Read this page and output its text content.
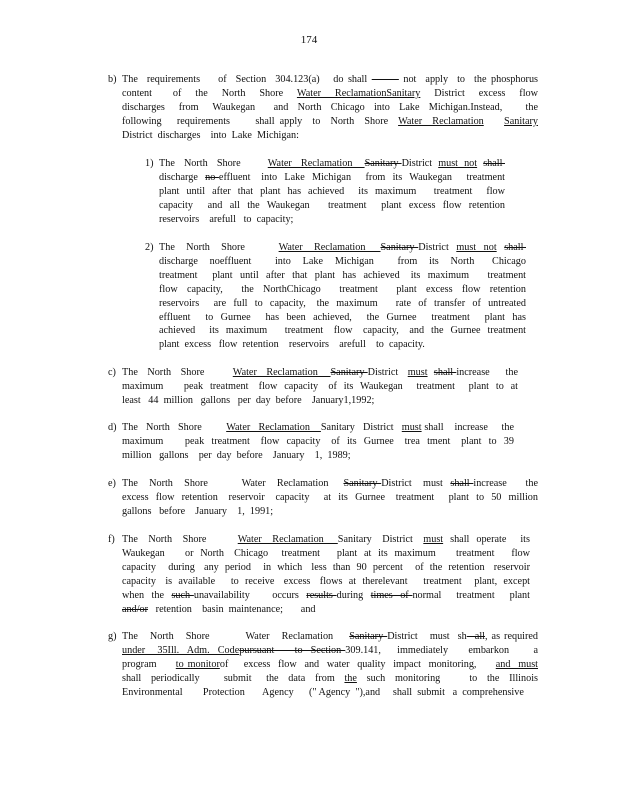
174
b) The  requirements    of  Section  304.123(a)   do shall	not  apply  to  the phosphorus
content   of  the  North  Shore  Water  ReclamationSanitary  District  excess  flow
discharges   from   Waukegan    and  North  Chicago  into  Lake  Michigan.Instead,     the
following   requirements     shall apply  to  North  Shore  Water  Reclamation Sanitary
District  discharges    into  Lake  Michigan:
1) The   North   Shore         Water   Reclamation    Sanitary District  must  not shall
discharge  no effluent   into  Lake  Michigan    from  its  Waukegan    treatment
plant  until  after  that  plant  has  achieved    its  maximum     treatment    flow
capacity    and  all  the  Waukegan     treatment    plant  excess  flow  retention
reservoirs    arefull   to  capacity;
2) The   North   Shore         Water   Reclamation    Sanitary District  must  not shall
discharge  noeffluent    into  Lake  Michigan    from  its  North   Chicago
treatment    plant  until  after  that  plant  has  achieved   its  maximum     treatment
flow  capacity,    the  NorthChicago    treatment    plant  excess  flow  retention
reservoirs    are  full  to  capacity,   the  maximum     rate  of  transfer  of  untreated
effluent    to  Gurnee    has  been  achieved,    the  Gurnee    treatment    plant  has
achieved    its  maximum     treatment   flow   capacity,   and  the  Gurnee  treatment
plant  excess   flow  retention    reservoirs    arefull    to  capacity.
c) The   North   Shore         Water   Reclamation    Sanitary District   must shall increase     the
maximum      peak  treatment   flow  capacity   of  its  Waukegan    treatment    plant  to  at
least   44  million   gallons   per  day  before    January1,1992;
d) The   North   Shore         Water   Reclamation    Sanitary   District   must shall    increase     the
maximum      peak  treatment   flow  capacity   of  its  Gurnee   trea  tment   plant  to  39
million   gallons    per  day  before    January    1,  1989;
e) The   North   Shore         Water   Reclamation    Sanitary District   must  shall increase     the
excess  flow  retention   reservoir   capacity    at  its  Gurnee   treatment    plant  to  50  million
gallons   before    January    1,  1991;
f) The   North   Shore         Water   Reclamation    Sanitary   District   must  shall  operate    its
Waukegan      or  North   Chicago    treatment     plant  at  its  maximum      treatment     flow
capacity    during   any  period    in  which   less  than  90  percent    of  the  retention   reservoir
capacity   is  available     to  receive   excess   flows  at  therelevant     treatment    plant,  except
when  the  such unavailability      occurs  results during  times  of normal    treatment    plant
and/or   retention    basin  maintenance;       and
g) The   North   Shore         Water   Reclamation    Sanitary District   must  sh  all, as required
under   35Ill.  Adm.  Codepursuant     to  Section 309.141,    immediately     embarkon      a
program     to monitorof    excess  flow  and  water  quality  impact  monitoring,     and  must
shall  periodically     submit   the  data  from  the  such  monitoring      to  the  Illinois
Environmental        Protection       Agency      (" Agency  "),and     shall  submit   a  comprehensive
